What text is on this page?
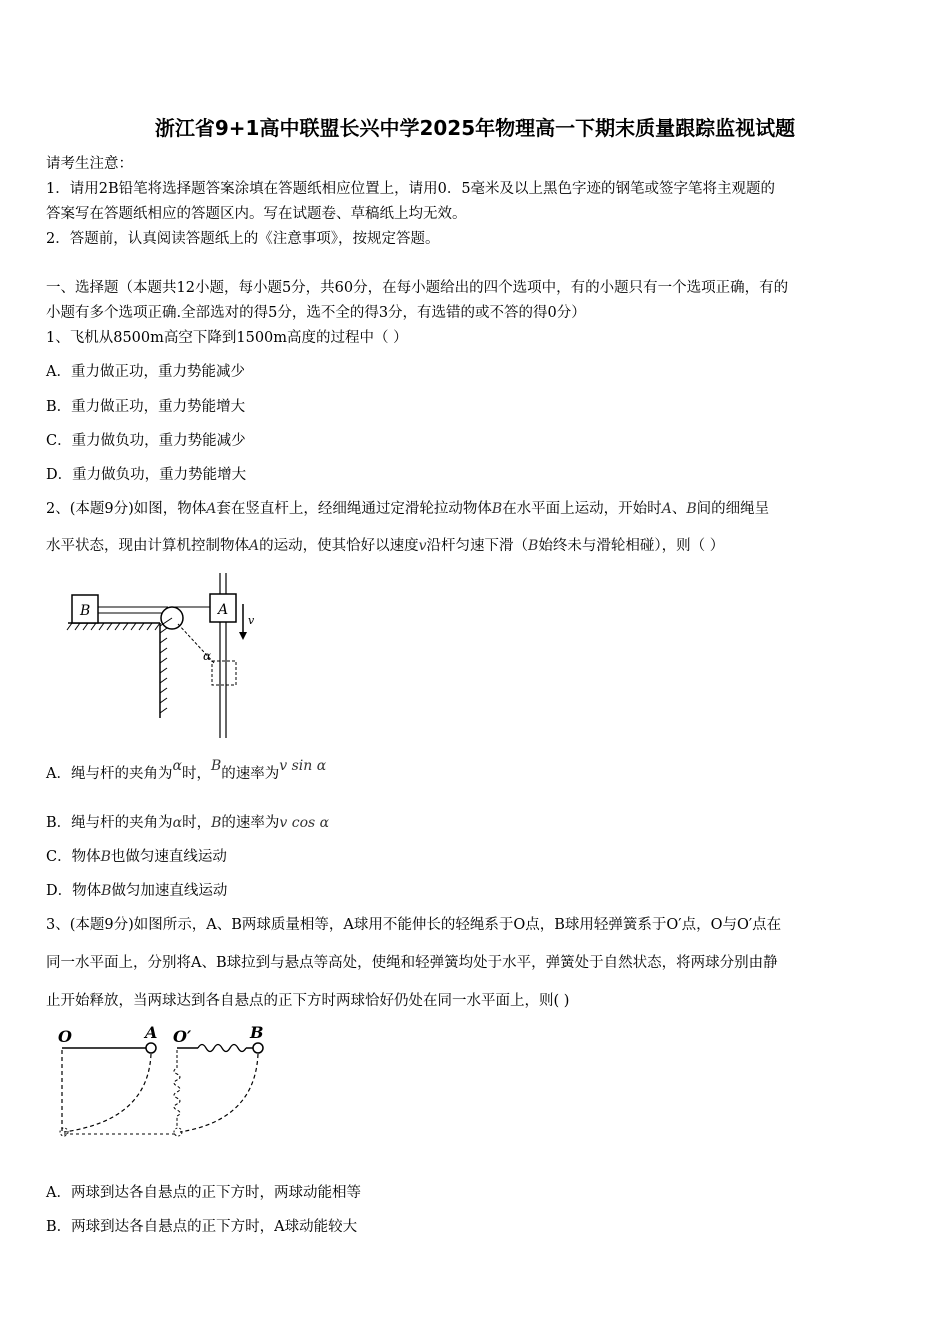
浙江省9+1高中联盟长兴中学2025年物理高一下期末质量跟踪监视试题
请考生注意：
1．请用2B铅笔将选择题答案涂填在答题纸相应位置上，请用0．5毫米及以上黑色字迹的钢笔或签字笔将主观题的
答案写在答题纸相应的答题区内。写在试题卷、草稿纸上均无效。
2．答题前，认真阅读答题纸上的《注意事项》，按规定答题。
一、选择题（本题共12小题，每小题5分，共60分，在每小题给出的四个选项中，有的小题只有一个选项正确，有的
小题有多个选项正确.全部选对的得5分，选不全的得3分，有选错的或不答的得0分）
1、飞机从8500m高空下降到1500m高度的过程中（ ）
A．重力做正功，重力势能减少
B．重力做正功，重力势能增大
C．重力做负功，重力势能减少
D．重力做负功，重力势能增大
2、(本题9分)如图，物体A套在竖直杆上，经细绳通过定滑轮拉动物体B在水平面上运动，开始时A、B间的细绳呈
水平状态，现由计算机控制物体A的运动，使其恰好以速度v沿杆匀速下滑（B始终未与滑轮相碰），则（ ）
B	A
v
α
A．绳与杆的夹角为α时，B的速率为v sin α
B．绳与杆的夹角为α时，B的速率为v cos α
C．物体B也做匀速直线运动
D．物体B做匀加速直线运动
3、(本题9分)如图所示，A、B两球质量相等，A球用不能伸长的轻绳系于O点，B球用轻弹簧系于O′点，O与O′点在
同一水平面上，分别将A、B球拉到与悬点等高处，使绳和轻弹簧均处于水平，弹簧处于自然状态，将两球分别由静
止开始释放，当两球达到各自悬点的正下方时两球恰好仍处在同一水平面上，则( )
O	A O′	B
A．两球到达各自悬点的正下方时，两球动能相等
B．两球到达各自悬点的正下方时，A球动能较大
